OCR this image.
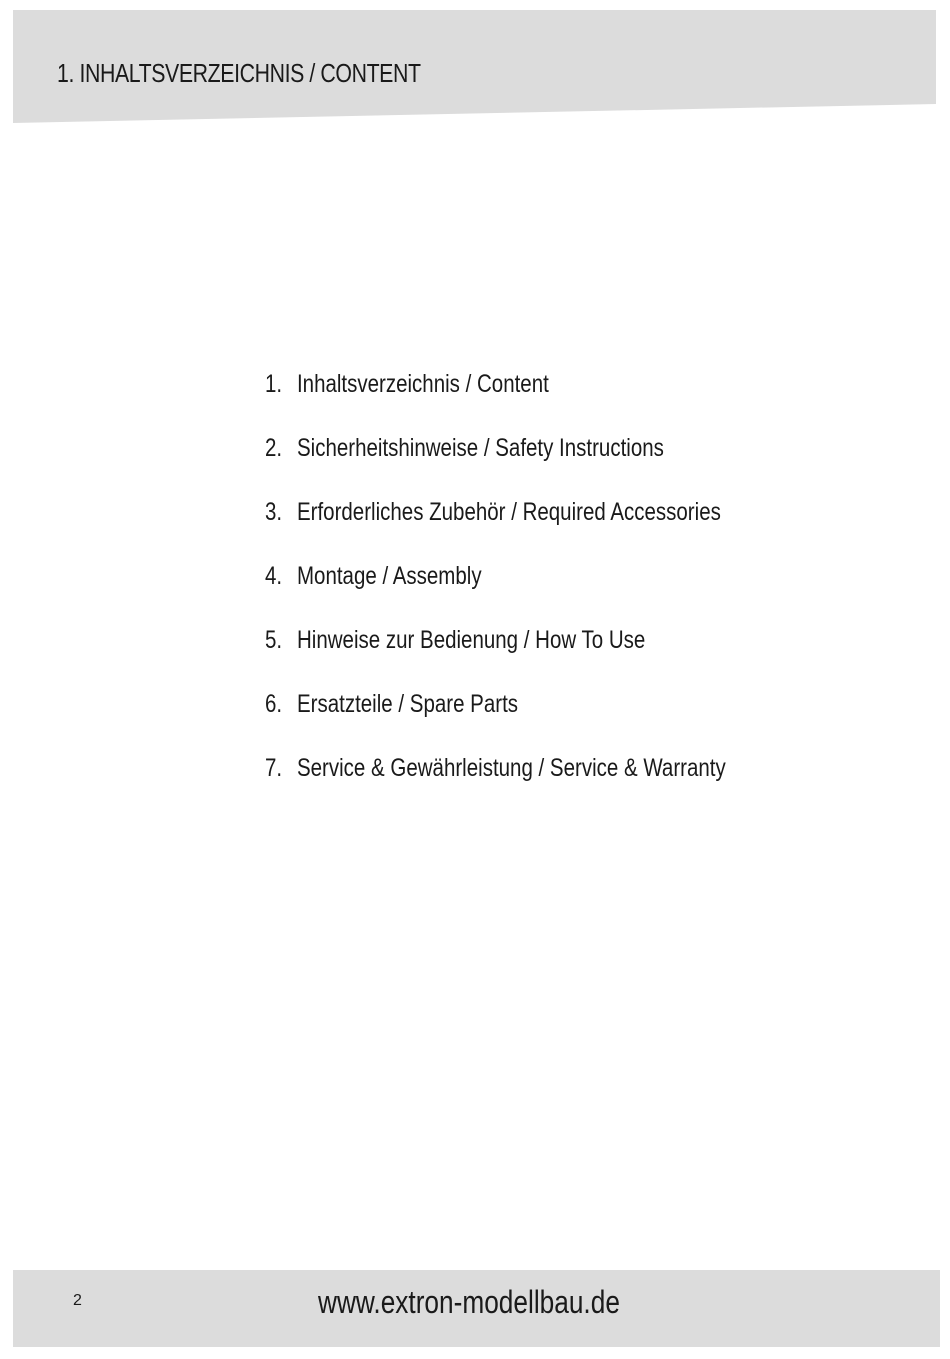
1. INHALTSVERZEICHNIS / CONTENT
1. Inhaltsverzeichnis / Content
2. Sicherheitshinweise / Safety Instructions
3. Erforderliches Zubehör / Required Accessories
4. Montage / Assembly
5. Hinweise zur Bedienung / How To Use
6. Ersatzteile / Spare Parts
7. Service & Gewährleistung / Service & Warranty
2	www.extron-modellbau.de
